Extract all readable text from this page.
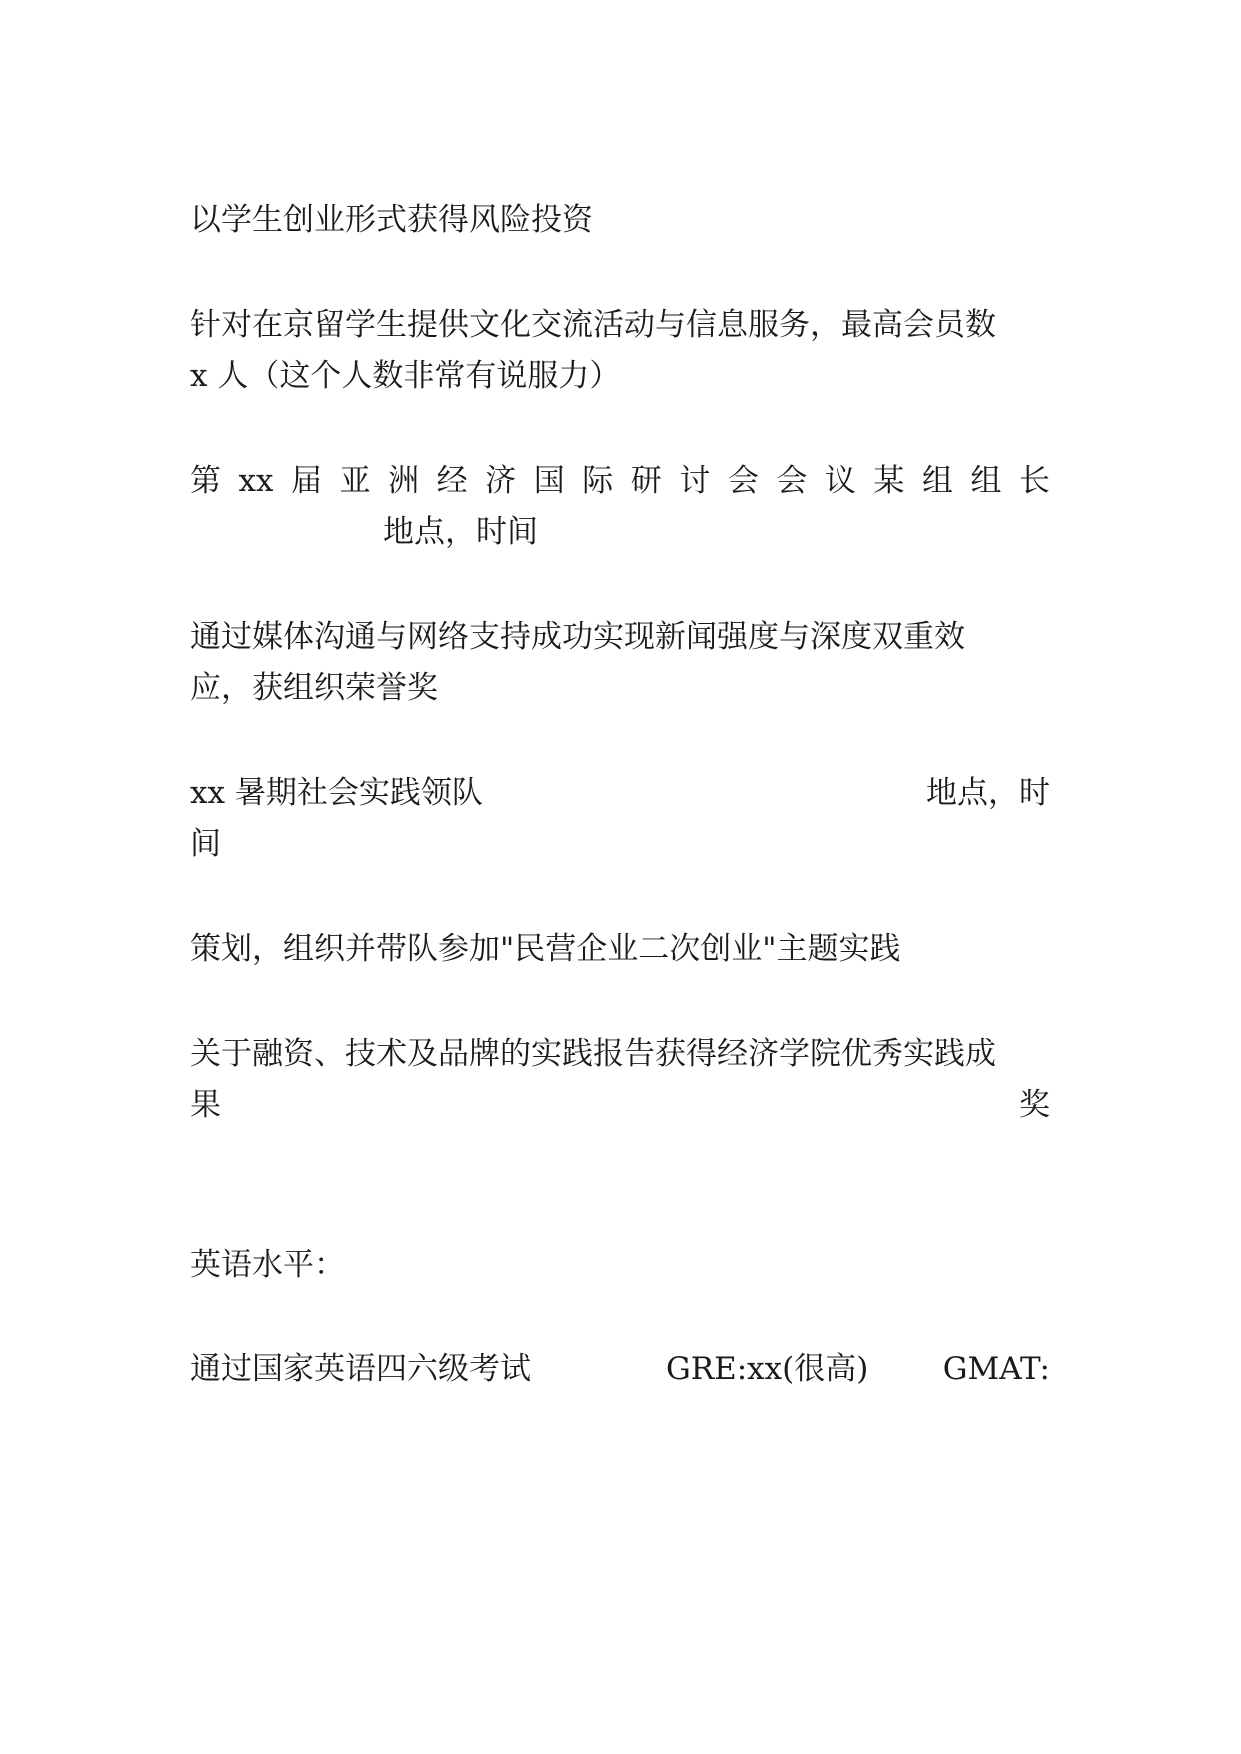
以学生创业形式获得风险投资
针对在京留学生提供文化交流活动与信息服务，最高会员数
x 人（这个人数非常有说服力）
第 xx 届 亚 洲 经 济 国 际 研 讨 会 会 议 某 组 组 长
地点，时间
通过媒体沟通与网络支持成功实现新闻强度与深度双重效
应，获组织荣誉奖
xx 暑期社会实践领队	地点，时
间
策划，组织并带队参加"民营企业二次创业"主题实践
关于融资、技术及品牌的实践报告获得经济学院优秀实践成
果	奖
英语水平：
通过国家英语四六级考试	GRE:xx(很高) GMAT:
